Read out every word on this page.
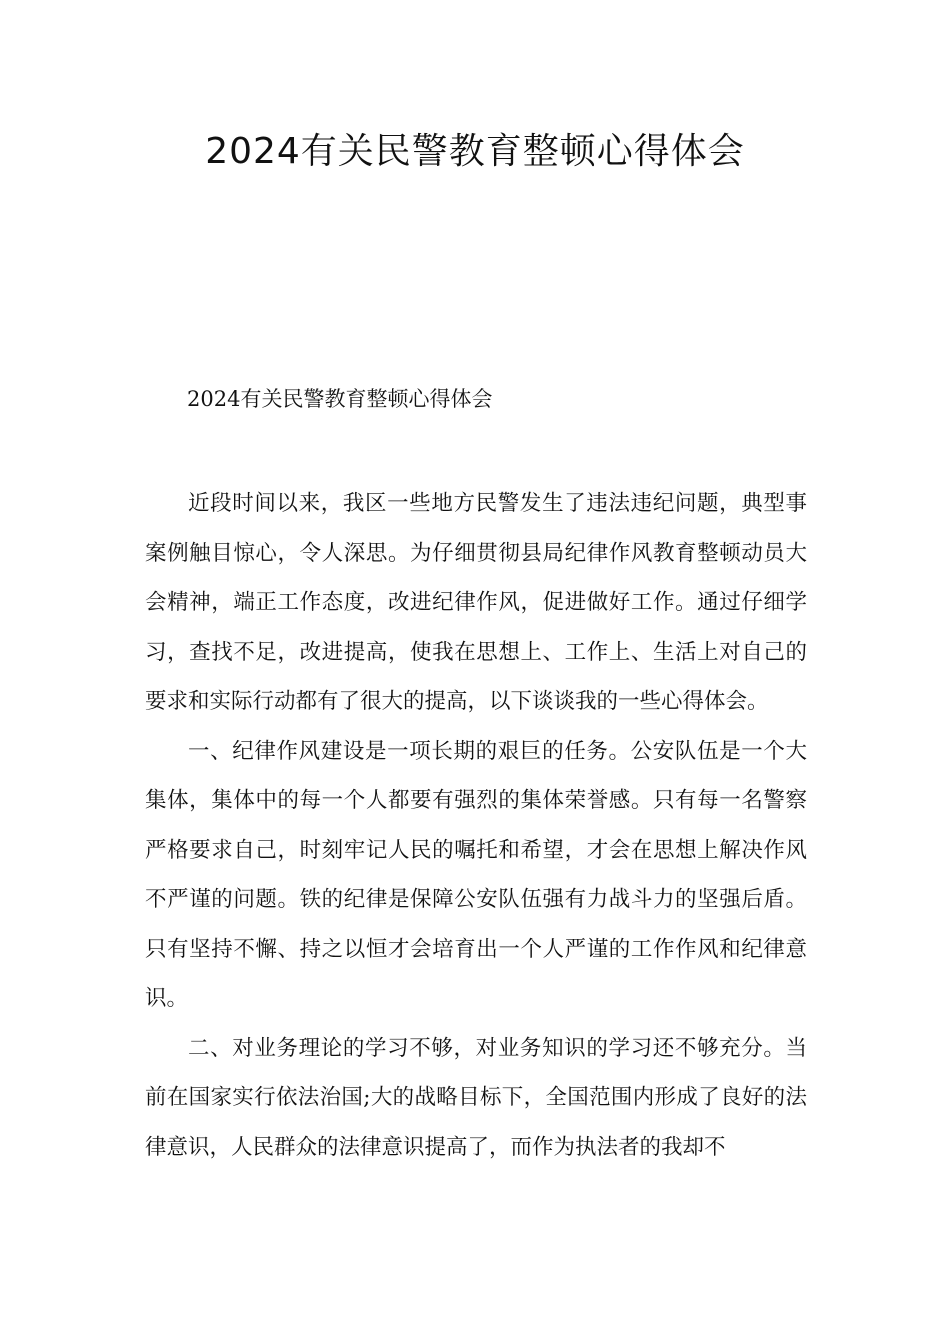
2024有关民警教育整顿心得体会
2024有关民警教育整顿心得体会

近段时间以来，我区一些地方民警发生了违法违纪问题，典型事案例触目惊心，令人深思。为仔细贯彻县局纪律作风教育整顿动员大会精神，端正工作态度，改进纪律作风，促进做好工作。通过仔细学习，查找不足，改进提高，使我在思想上、工作上、生活上对自己的要求和实际行动都有了很大的提高，以下谈谈我的一些心得体会。

一、纪律作风建设是一项长期的艰巨的任务。公安队伍是一个大集体，集体中的每一个人都要有强烈的集体荣誉感。只有每一名警察严格要求自己，时刻牢记人民的嘱托和希望，才会在思想上解决作风不严谨的问题。铁的纪律是保障公安队伍强有力战斗力的坚强后盾。只有坚持不懈、持之以恒才会培育出一个人严谨的工作作风和纪律意识。

二、对业务理论的学习不够，对业务知识的学习还不够充分。当前在国家实行依法治国;大的战略目标下，全国范围内形成了良好的法律意识，人民群众的法律意识提高了，而作为执法者的我却不
